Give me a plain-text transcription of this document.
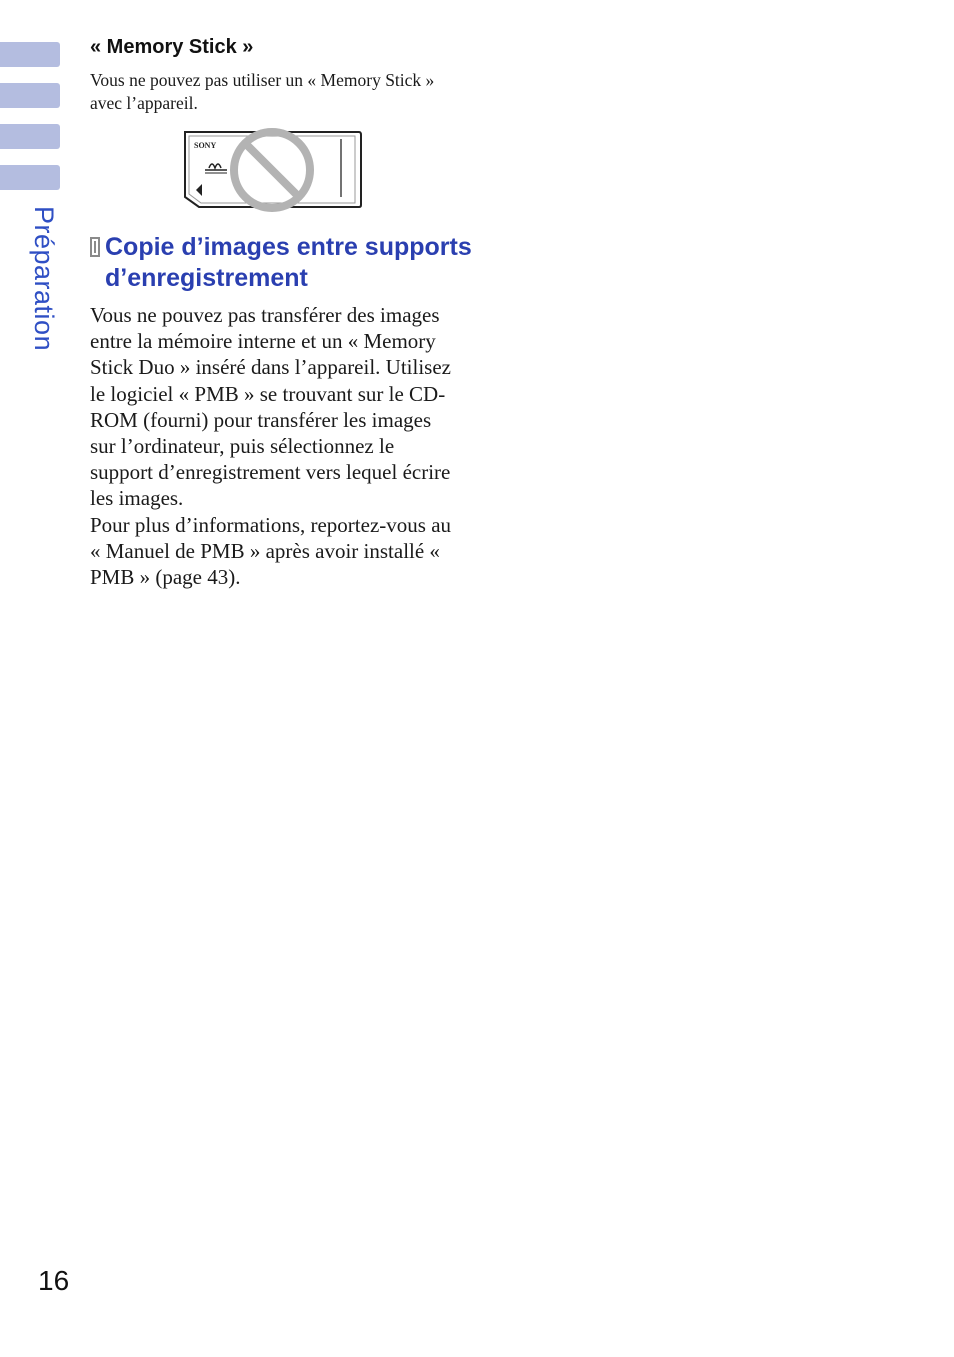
Préparation
« Memory Stick »

Vous ne pouvez pas utiliser un « Memory Stick » avec l’appareil.

SONY
Copie d’images entre supports d’enregistrement

Vous ne pouvez pas transférer des images entre la mémoire interne et un « Memory Stick Duo » inséré dans l’appareil. Utilisez le logiciel « PMB » se trouvant sur le CD-ROM (fourni) pour transférer les images sur l’ordinateur, puis sélectionnez le support d’enregistrement vers lequel écrire les images.

Pour plus d’informations, reportez-vous au « Manuel de PMB » après avoir installé « PMB » (page 43).

16
